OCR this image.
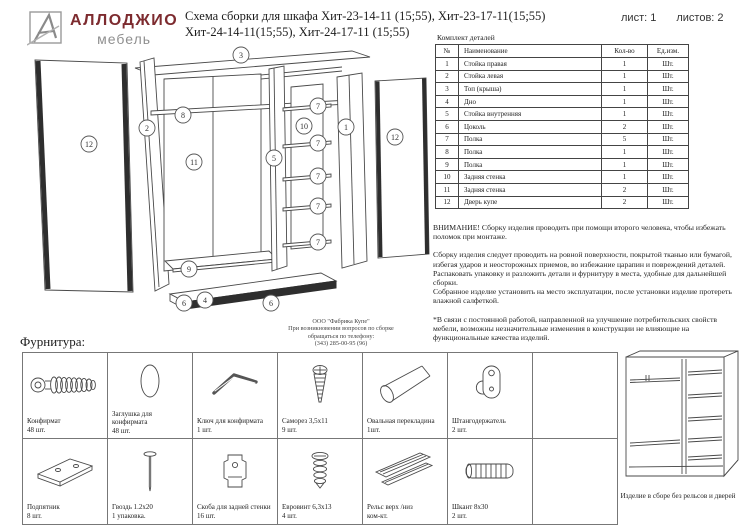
АЛЛОДЖИО
мебель
Схема сборки для шкафа Хит-23-14-11 (15;55), Хит-23-17-11(15;55)
Хит-24-14-11(15;55), Хит-24-17-11 (15;55)
лист: 1 листов: 2
Комплект деталей
№	Наименование	Кол-во	Ед.изм.
1	Стойка правая	1	Шт.
2	Стойка левая	1	Шт.
3	Топ (крыша)	1	Шт.
4	Дно	1	Шт.
5	Стойка внутренняя	1	Шт.
6	Цоколь	2	Шт.
7	Полка	5	Шт.
8	Полка	1	Шт.
9	Полка	1	Шт.
10	Задняя стенка	1	Шт.
11	Задняя стенка	2	Шт.
12	Дверь купе	2	Шт.

ВНИМАНИЕ! Сборку изделия проводить при помощи второго человека, чтобы избежать поломок при монтаже.

Сборку изделия следует проводить на ровной поверхности, покрытой тканью или бумагой, избегая ударов и неосторожных приемов, во избежание царапин и повреждений деталей.

Распаковать упаковку и разложить детали и фурнитуру в места, удобные для дальнейшей сборки.

Собранное изделие установить на место эксплуатации, после установки изделие протереть влажной салфеткой.

*В связи с постоянной работой, направленной на улучшение потребительских свойств мебели, возможны незначительные изменения в конструкции не влияющие на функциональные качества изделий.

ООО "Фабрика Купе"
При возникновении вопросов по сборке
обращаться по телефону:
(343) 285-00-95 (96)
3
12
2
8
11	5
10
7
7
7
7
7
1
12
9
6 4	6
Фурнитура:
Конфирмат
48 шт.
Заглушка для конфирмата
48 шт.
Ключ для конфирмата
1 шт.
Саморез 3,5х11
9 шт.
Овальная перекладина
1шт.
Штангодержатель
2 шт.
Подпятник
8 шт.
Гвоздь 1.2х20
1 упаковка.
Скоба для задней стенки
16 шт.
Евровинт 6,3х13
4 шт.
Рельс верх /низ
ком-кт.
Шкант 8х30
2 шт.
Изделие в сборе без рельсов и дверей
